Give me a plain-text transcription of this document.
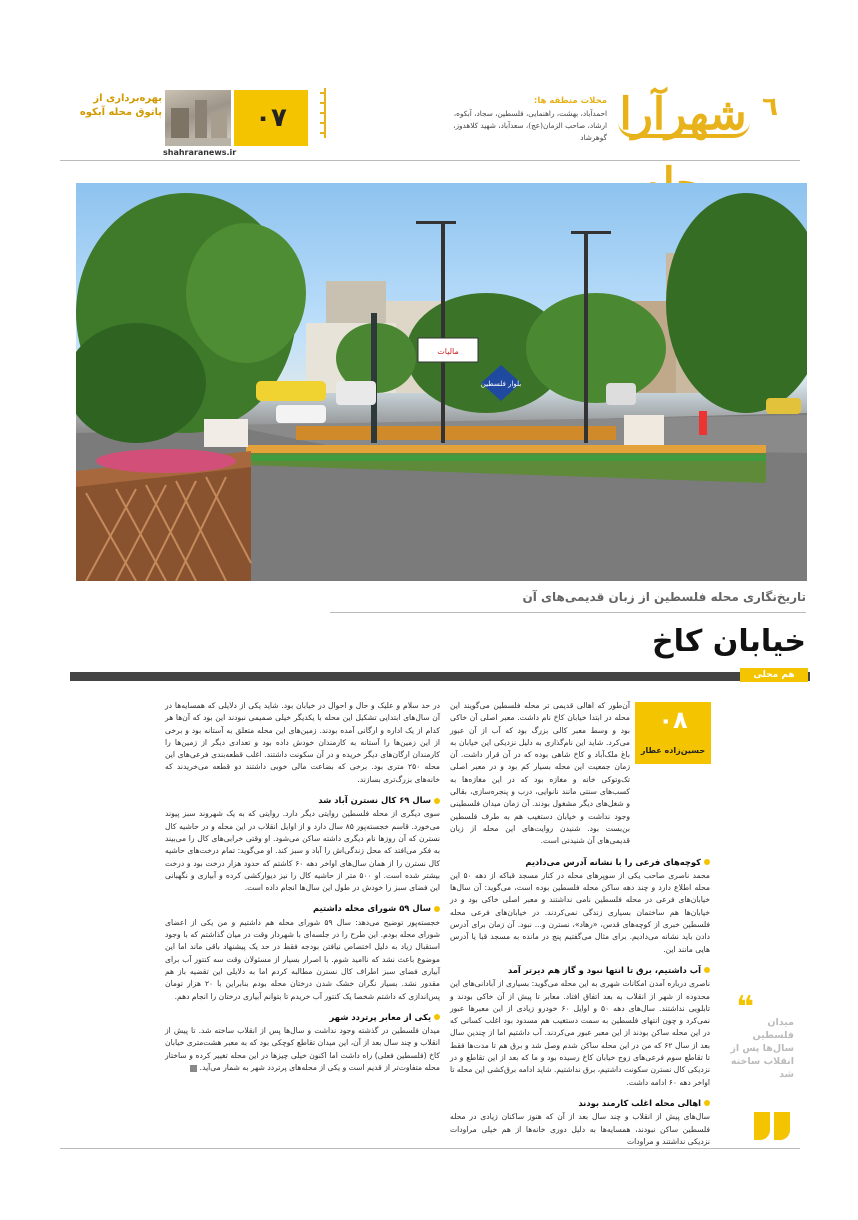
٦
شهرآرا
محلات منطقه ها:
احمدآباد، بهشت، راهنمایی، فلسطین، سجاد، آبکوه، ارشاد، صاحب الزمان(عج)، سعدآباد، شهید کلاهدوز، گوهرشاد
۰۷
shahraranews.ir
بهره‌برداری از پاتوق محله آبکوه
بلوار فلسطین
مالیات
تاریخ‌نگاری محله فلسطین از زبان قدیمی‌های آن
خیابان کاخ
هم محلی
۰۸
حسین‌زاده عطار

آن‌طور که اهالی قدیمی تر محله فلسطین می‌گویند این محله در ابتدا خیابان کاخ نام داشت. معبر اصلی آن خاکی بود و وسط معبر کالی بزرگ بود که آب از آن عبور می‌کرد. شاید این نام‌گذاری به دلیل نزدیکی این خیابان به باغ ملک‌آباد و کاخ شاهی بوده که در آن قرار داشت. آن زمان جمعیت این محله بسیار کم بود و در معبر اصلی تک‌وتوکی خانه و مغازه بود که در این مغازه‌ها به کسب‌های سنتی مانند نانوایی، درب و پنجره‌سازی، بقالی و شغل‌های دیگر مشغول بودند. آن زمان میدان فلسطینی وجود نداشت و خیابان دستغیب هم به طرف فلسطین بن‌بست بود. شنیدن روایت‌های این محله از زبان قدیمی‌های آن شنیدنی است.

کوچه‌های فرعی را با نشانه آدرس می‌دادیم

محمد ناصری صاحب یکی از سوپرهای محله در کنار مسجد قباکه از دهه ۵۰ این محله اطلاع دارد و چند دهه ساکن محله فلسطین بوده است، می‌گوید: آن سال‌ها خیابان‌های فرعی در محله فلسطین نامی نداشتند و معبر اصلی خاکی بود و در خیابان‌ها هم ساختمان بسیاری زندگی نمی‌کردند. در خیابان‌های فرعی محله فلسطین خبری از کوچه‌های قدس، «رهاد»، نسترن و... نبود. آن زمان برای آدرس دادن باید نشانه می‌دادیم. برای مثال می‌گفتیم پنج در مانده به مسجد قبا یا آدرس هایی مانند این.

آب داشتیم، برق تا انتها نبود و گاز هم دیرتر آمد

ناصری درباره آمدن امکانات شهری به این محله می‌گوید: بسیاری از آبادانی‌های این محدوده از شهر از انقلاب به بعد اتفاق افتاد. معابر تا پیش از آن خاکی بودند و تابلویی نداشتند. سال‌های دهه ۵۰ و اوایل ۶۰ خودرو زیادی از این معبرها عبور نمی‌کرد و چون انتهای فلسطین به سمت دستغیب هم مسدود بود اغلب کسانی که در این محله ساکن بودند از این معبر عبور می‌کردند. آب داشتیم اما از چندین سال بعد از سال ۶۲ که من در این محله ساکن شدم وصل شد و برق هم تا مدت‌ها فقط تا تقاطع سوم فرعی‌های زوج خیابان کاخ رسیده بود و ما که بعد از این تقاطع و در نزدیکی کال نسترن سکونت داشتیم، برق نداشتیم. شاید ادامه برق‌کشی این محله تا اواخر دهه ۶۰ ادامه داشت.

اهالی محله اغلب کارمند بودند

سال‌های پیش از انقلاب و چند سال بعد از آن که هنوز ساکنان زیادی در محله فلسطین ساکن نبودند، همسایه‌ها به دلیل دوری خانه‌ها از هم خیلی مراودات نزدیکی نداشتند و مراودات

در حد سلام و علیک و حال و احوال در خیابان بود. شاید یکی از دلایلی که همسایه‌ها در آن سال‌های ابتدایی تشکیل این محله با یکدیگر خیلی صمیمی نبودند این بود که آن‌ها هر کدام از یک اداره و ارگانی آمده بودند. زمین‌های این محله متعلق به آستانه بود و برخی از این زمین‌ها را آستانه به کارمندان خودش داده بود و تعدادی دیگر از زمین‌ها را کارمندان ارگان‌های دیگر خریده و در آن سکونت داشتند. اغلب قطعه‌بندی فرعی‌های این محله ۲۵۰ متری بود. برخی که بضاعت مالی خوبی داشتند دو قطعه می‌خریدند که خانه‌های بزرگ‌تری بسازند.

سال ۶۹ کال نسترن آباد شد

سوی دیگری از محله فلسطین روایتی دیگر دارد. روایتی که به یک شهروند سبز پیوند می‌خورد. قاسم خجسته‌پور ۸۵ سال دارد و از اوایل انقلاب در این محله و در حاشیه کال نسترن که آن روزها نام دیگری داشته ساکن می‌شود. او وقتی خرابی‌های کال را می‌بیند به فکر می‌افتد که محل زندگی‌اش را آباد و سبز کند. او می‌گوید: تمام درخت‌های حاشیه کال نسترن را از همان سال‌های اواخر دهه ۶۰ کاشتم که حدود هزار درخت بود و درخت بیشتر شده است. او ۵۰۰ متر از حاشیه کال را نیز دیوارکشی کرده و آبیاری و نگهبانی این فضای سبز را خودش در طول این سال‌ها انجام داده است.

سال ۵۹ شورای محله داشتیم

خجسته‌پور توضیح می‌دهد: سال ۵۹ شورای محله هم داشتیم و من یکی از اعضای شورای محله بودم. این طرح را در جلسه‌ای با شهردار وقت در میان گذاشتم که با وجود استقبال زیاد به دلیل اختصاص نیافتن بودجه فقط در حد یک پیشنهاد باقی ماند اما این موضوع باعث نشد که ناامید شوم. با اصرار بسیار از مسئولان وقت سه کنتور آب برای آبیاری فضای سبز اطراف کال نسترن مطالبه کردم اما به دلایلی این تقضیه باز هم مقدور نشد. بسیار نگران خشک شدن درختان محله بودم بنابراین با ۲۰ هزار تومان پس‌اندازی که داشتم شخصا یک کنتور آب خریدم تا بتوانم آبیاری درختان را انجام دهم.

یکی از معابر پرتردد شهر

میدان فلسطین در گذشته وجود نداشت و سال‌ها پس از انقلاب ساخته شد. تا پیش از انقلاب و چند سال بعد از آن، این میدان تقاطع کوچکی بود که به معبر هشت‌متری خیابان کاخ (فلسطین فعلی) راه داشت اما اکنون خیلی چیزها در این محله تغییر کرده و ساختار محله متفاوت‌تر از قدیم است و یکی از محله‌های پرتردد شهر به شمار می‌آید.

❝	میدان فلسطین سال‌ها پس از انقلاب ساخته شد
